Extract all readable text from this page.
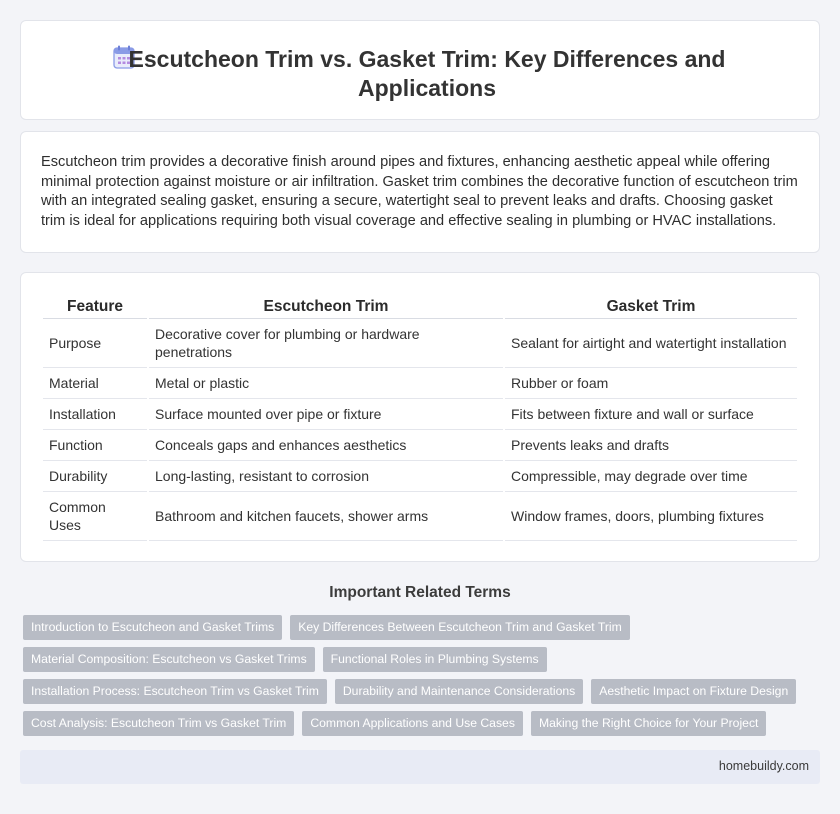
Escutcheon Trim vs. Gasket Trim: Key Differences and Applications

Escutcheon trim provides a decorative finish around pipes and fixtures, enhancing aesthetic appeal while offering minimal protection against moisture or air infiltration. Gasket trim combines the decorative function of escutcheon trim with an integrated sealing gasket, ensuring a secure, watertight seal to prevent leaks and drafts. Choosing gasket trim is ideal for applications requiring both visual coverage and effective sealing in plumbing or HVAC installations.

Feature	Escutcheon Trim	Gasket Trim
Purpose	Decorative cover for plumbing or hardware penetrations	Sealant for airtight and watertight installation
Material	Metal or plastic	Rubber or foam
Installation	Surface mounted over pipe or fixture	Fits between fixture and wall or surface
Function	Conceals gaps and enhances aesthetics	Prevents leaks and drafts
Durability	Long-lasting, resistant to corrosion	Compressible, may degrade over time
Common Uses	Bathroom and kitchen faucets, shower arms	Window frames, doors, plumbing fixtures
Important Related Terms
Introduction to Escutcheon and Gasket Trims	Key Differences Between Escutcheon Trim and Gasket Trim
Material Composition: Escutcheon vs Gasket Trims	Functional Roles in Plumbing Systems
Installation Process: Escutcheon Trim vs Gasket Trim	Durability and Maintenance Considerations	Aesthetic Impact on Fixture Design
Cost Analysis: Escutcheon Trim vs Gasket Trim	Common Applications and Use Cases	Making the Right Choice for Your Project
homebuildy.com
